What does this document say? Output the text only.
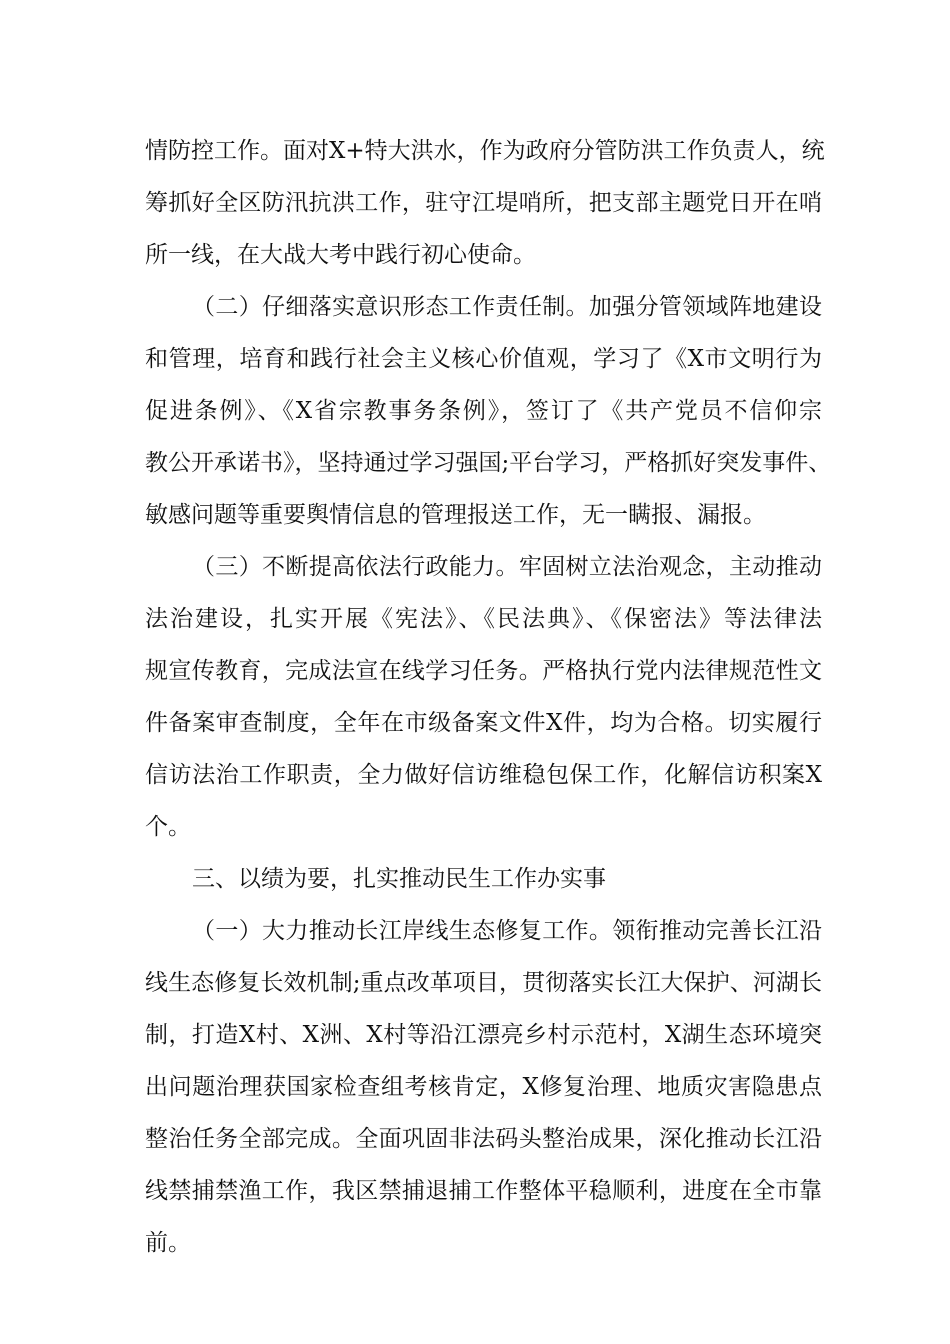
情防控工作。面对X+特大洪水，作为政府分管防洪工作负责人，统
筹抓好全区防汛抗洪工作，驻守江堤哨所，把支部主题党日开在哨
所一线，在大战大考中践行初心使命。
（二）仔细落实意识形态工作责任制。加强分管领域阵地建设
和管理，培育和践行社会主义核心价值观，学习了《X市文明行为
促进条例》、《X省宗教事务条例》，签订了《共产党员不信仰宗
教公开承诺书》，坚持通过学习强国;平台学习，严格抓好突发事件、
敏感问题等重要舆情信息的管理报送工作，无一瞒报、漏报。
（三）不断提高依法行政能力。牢固树立法治观念，主动推动
法治建设，扎实开展《宪法》、《民法典》、《保密法》等法律法
规宣传教育，完成法宣在线学习任务。严格执行党内法律规范性文
件备案审查制度，全年在市级备案文件X件，均为合格。切实履行
信访法治工作职责，全力做好信访维稳包保工作，化解信访积案X
个。
三、以绩为要，扎实推动民生工作办实事
（一）大力推动长江岸线生态修复工作。领衔推动完善长江沿
线生态修复长效机制;重点改革项目，贯彻落实长江大保护、河湖长
制，打造X村、X洲、X村等沿江漂亮乡村示范村，X湖生态环境突
出问题治理获国家检查组考核肯定，X修复治理、地质灾害隐患点
整治任务全部完成。全面巩固非法码头整治成果，深化推动长江沿
线禁捕禁渔工作，我区禁捕退捕工作整体平稳顺利，进度在全市靠
前。
